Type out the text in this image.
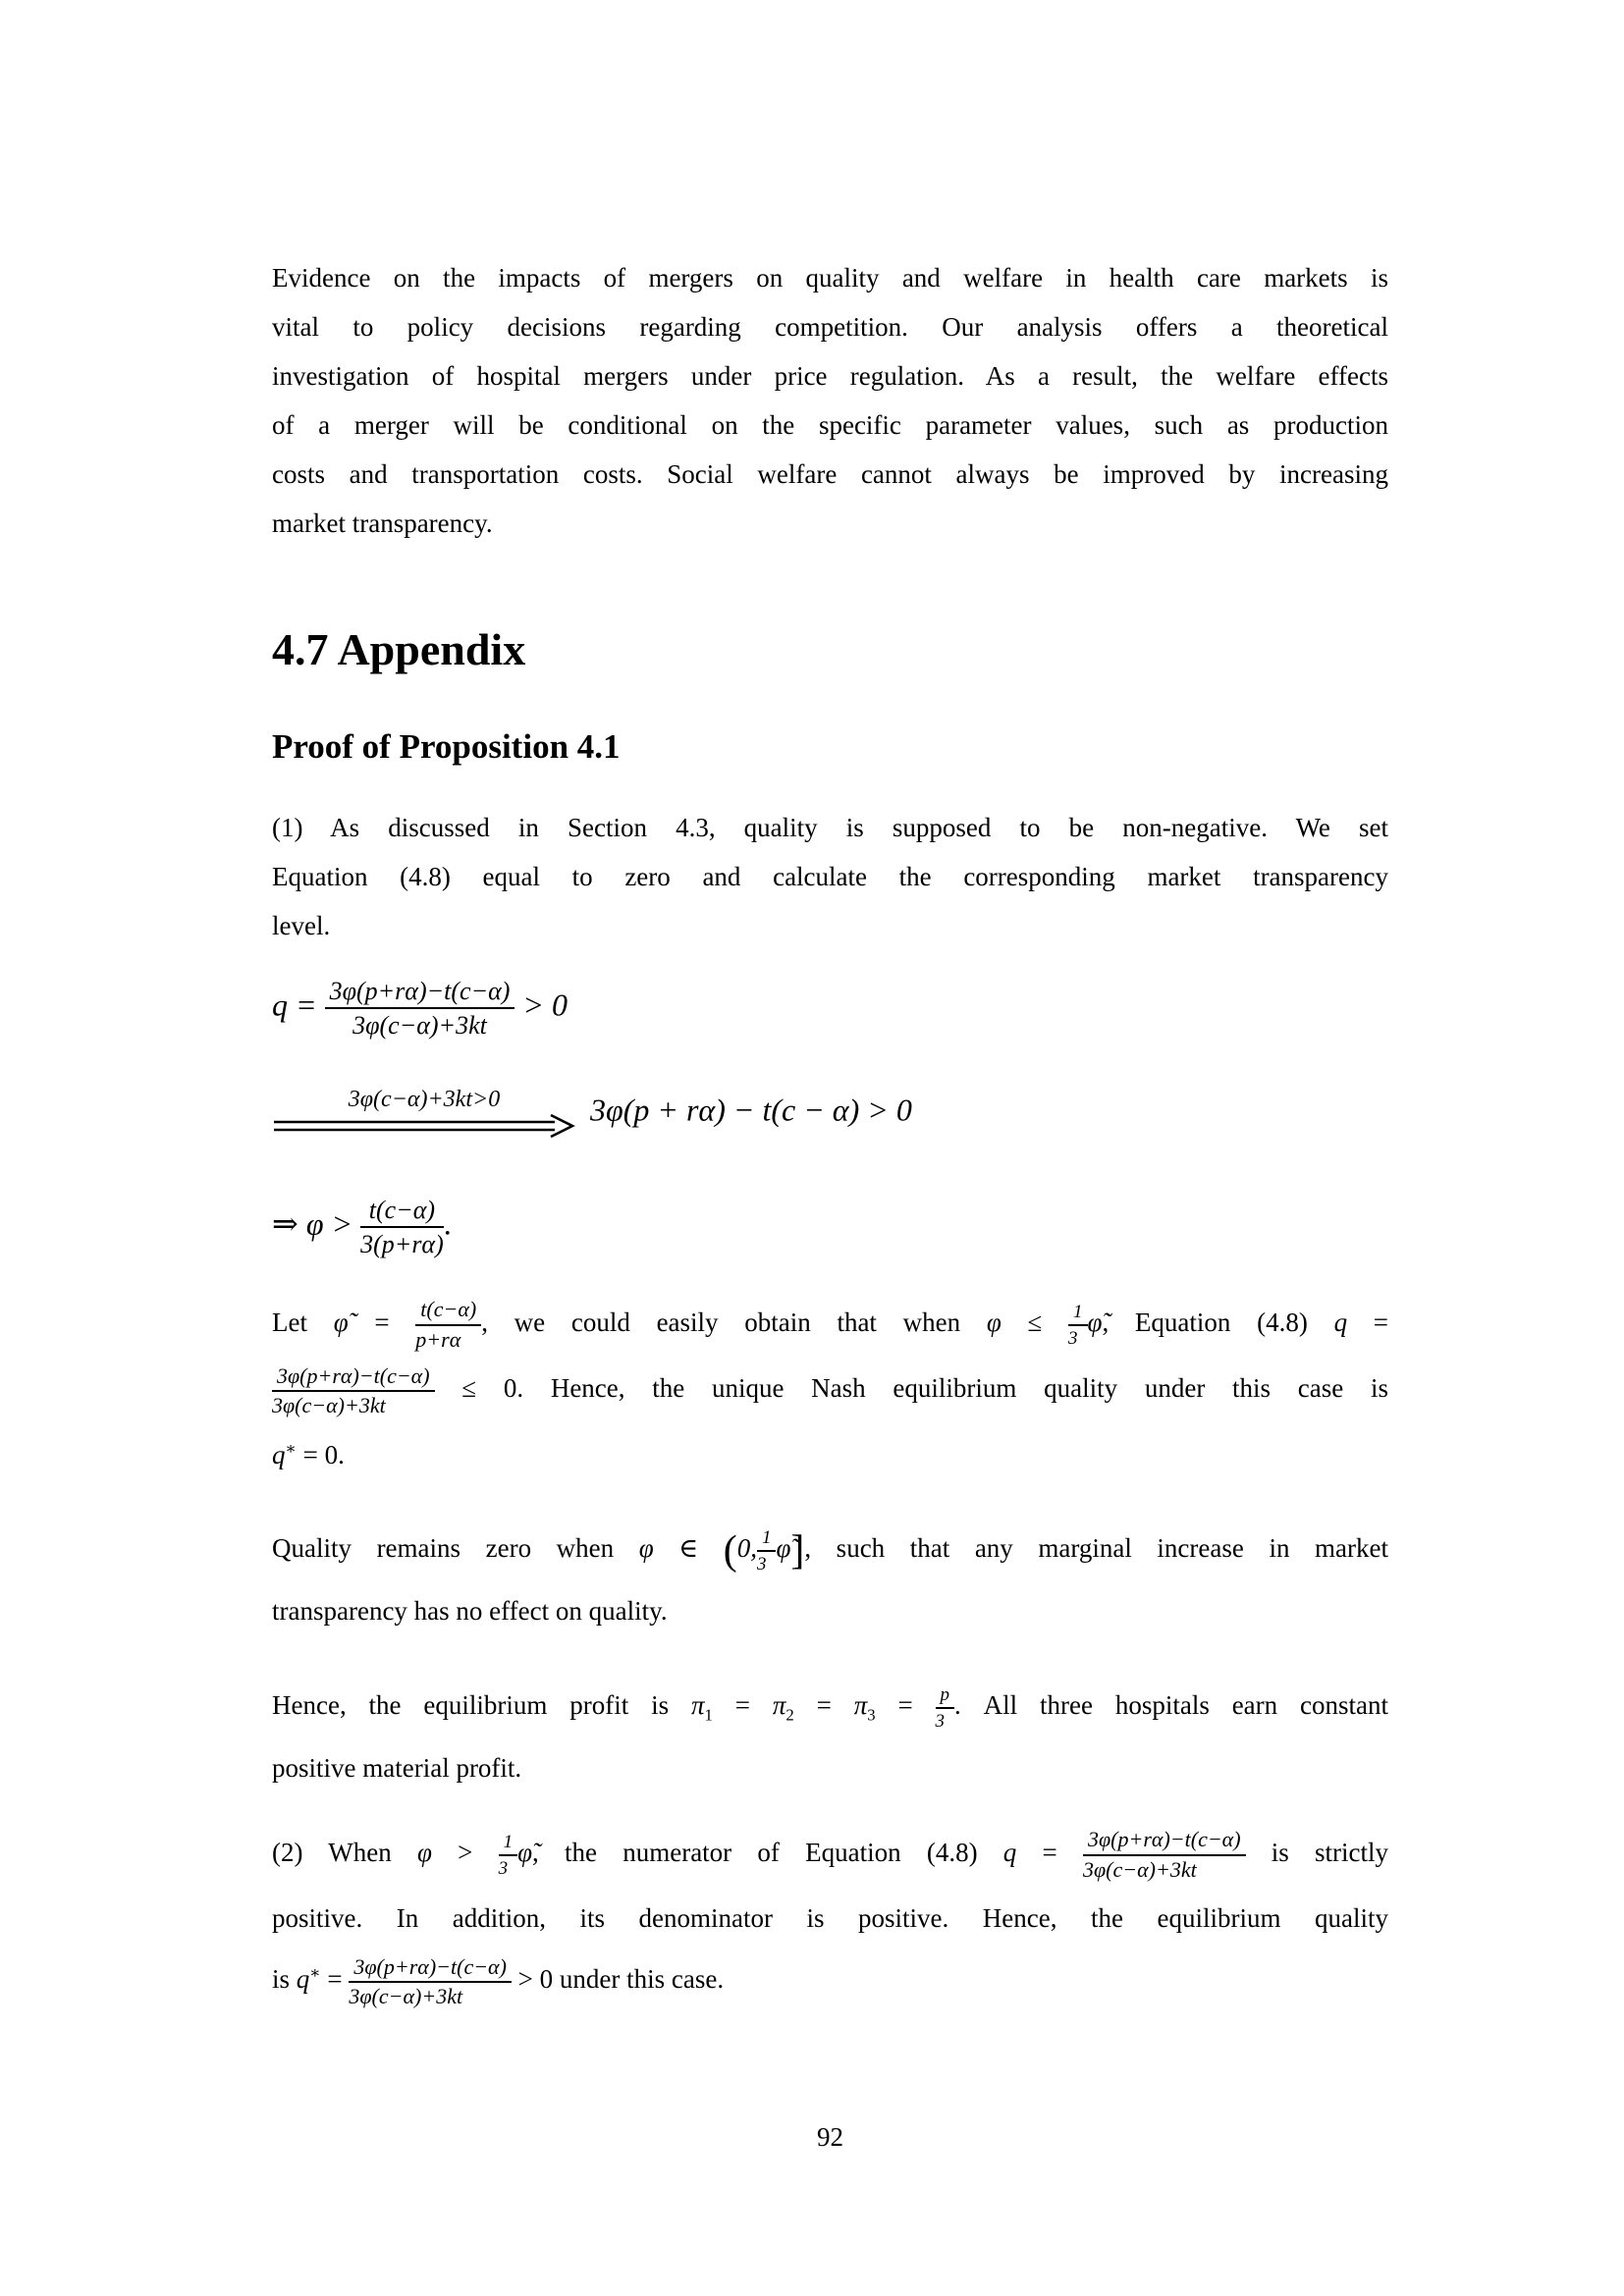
Evidence on the impacts of mergers on quality and welfare in health care markets is
vital to policy decisions regarding competition. Our analysis offers a theoretical
investigation of hospital mergers under price regulation. As a result, the welfare effects
of a merger will be conditional on the specific parameter values, such as production
costs and transportation costs. Social welfare cannot always be improved by increasing
market transparency.
4.7 Appendix
Proof of Proposition 4.1
(1) As discussed in Section 4.3, quality is supposed to be non-negative. We set
Equation (4.8) equal to zero and calculate the corresponding market transparency
level.
$q = \frac{3\varphi(p+r\alpha)-t(c-\alpha)}{3\varphi(c-\alpha)+3kt} > 0$
3φ(c−α)+3kt>0	3φ(p + rα) − t(c − α) > 0
⇒ $\varphi > \frac{t(c-\alpha)}{3(p+r\alpha)}$ .
Let φ̃ = $\frac{t(c-\alpha)}{p+r\alpha}$ , we could easily obtain that when $\varphi \le \frac{1}{3}$ φ̃, Equation (4.8) q =
$\frac{3\varphi(p+r\alpha)-t(c-\alpha)}{3\varphi(c-\alpha)+3kt} \le 0$. Hence, the unique Nash equilibrium quality under this case is
q∗ = 0.
Quality remains zero when φ ∈ (0, $\frac{1}{3}$ φ̃], such that any marginal increase in market
transparency has no effect on quality.
Hence, the equilibrium profit is $\pi_1 = \pi_2 = \pi_3 = \frac{p}{3}$ . All three hospitals earn constant
positive material profit.
(2) When $\varphi > \frac{1}{3}$ φ̃, the numerator of Equation (4.8) $q = \frac{3\varphi(p+r\alpha)-t(c-\alpha)}{3\varphi(c-\alpha)+3kt}$ is strictly
positive. In addition, its denominator is positive. Hence, the equilibrium quality
is $q^∗ = \frac{3\varphi(p+r\alpha)-t(c-\alpha)}{3\varphi(c-\alpha)+3kt} > 0$ under this case.
92
